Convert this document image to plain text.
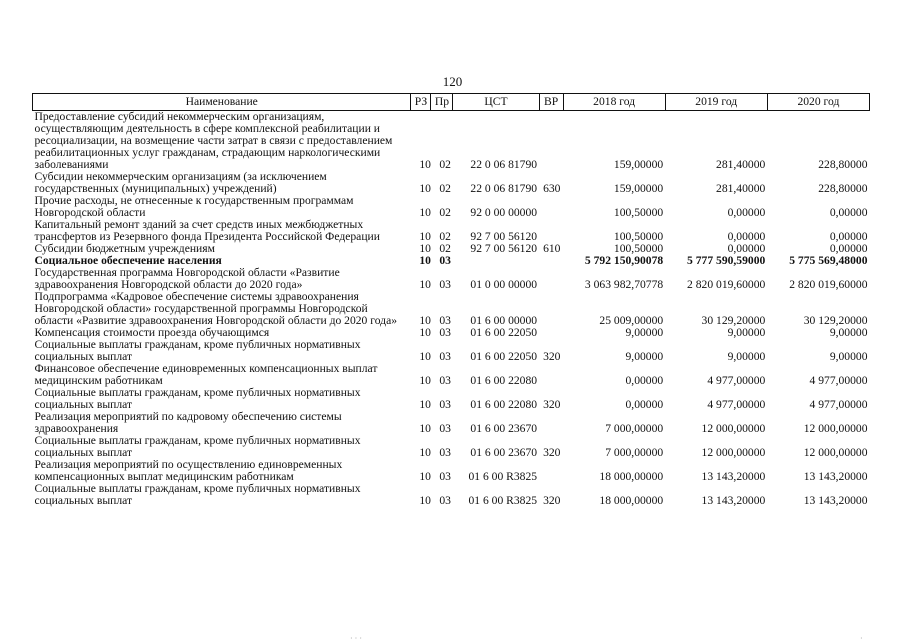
120
Наименование	РЗ	Пр	ЦСТ	ВР	2018 год	2019 год	2020 год
Предоставление субсидий некоммерческим организациям, осуществляющим деятельность в сфере комплексной реабилитации и ресоциализации, на возмещение части затрат в связи с предоставлением реабилитационных услуг гражданам, страдающим наркологическими заболеваниями	10	02	22 0 06 81790		159,00000	281,40000	228,80000
Субсидии некоммерческим организациям (за исключением государственных (муниципальных) учреждений)	10	02	22 0 06 81790	630	159,00000	281,40000	228,80000
Прочие расходы, не отнесенные к государственным программам Новгородской области	10	02	92 0 00 00000		100,50000	0,00000	0,00000
Капитальный ремонт зданий за счет средств иных межбюджетных трансфертов из Резервного фонда Президента Российской Федерации	10	02	92 7 00 56120		100,50000	0,00000	0,00000
Субсидии бюджетным учреждениям	10	02	92 7 00 56120	610	100,50000	0,00000	0,00000
Социальное обеспечение населения	10	03			5 792 150,90078	5 777 590,59000	5 775 569,48000
Государственная программа Новгородской области «Развитие здравоохранения Новгородской области до 2020 года»	10	03	01 0 00 00000		3 063 982,70778	2 820 019,60000	2 820 019,60000
Подпрограмма «Кадровое обеспечение системы здравоохранения Новгородской области» государственной программы Новгородской области «Развитие здравоохранения Новгородской области до 2020 года»	10	03	01 6 00 00000		25 009,00000	30 129,20000	30 129,20000
Компенсация стоимости проезда обучающимся	10	03	01 6 00 22050		9,00000	9,00000	9,00000
Социальные выплаты гражданам, кроме публичных нормативных социальных выплат	10	03	01 6 00 22050	320	9,00000	9,00000	9,00000
Финансовое обеспечение единовременных компенсационных выплат медицинским работникам	10	03	01 6 00 22080		0,00000	4 977,00000	4 977,00000
Социальные выплаты гражданам, кроме публичных нормативных социальных выплат	10	03	01 6 00 22080	320	0,00000	4 977,00000	4 977,00000
Реализация мероприятий по кадровому обеспечению системы здравоохранения	10	03	01 6 00 23670		7 000,00000	12 000,00000	12 000,00000
Социальные выплаты гражданам, кроме публичных нормативных социальных выплат	10	03	01 6 00 23670	320	7 000,00000	12 000,00000	12 000,00000
Реализация мероприятий по осуществлению единовременных компенсационных выплат медицинским работникам	10	03	01 6 00 R3825		18 000,00000	13 143,20000	13 143,20000
Социальные выплаты гражданам, кроме публичных нормативных социальных выплат	10	03	01 6 00 R3825	320	18 000,00000	13 143,20000	13 143,20000
· · ·	·
